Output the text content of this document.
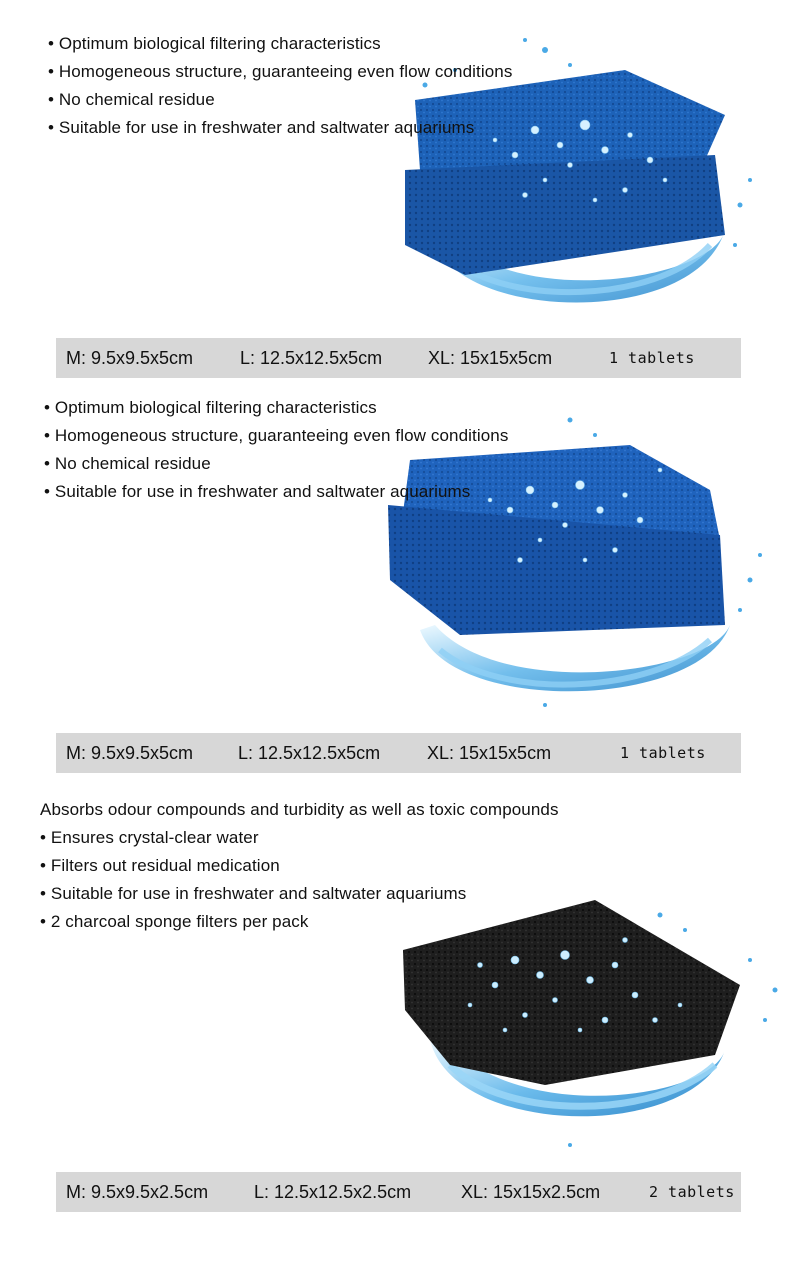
• Optimum biological filtering characteristics
• Homogeneous structure, guaranteeing even flow conditions
• No chemical residue
• Suitable for use in freshwater and saltwater aquariums
M: 9.5x9.5x5cm	L: 12.5x12.5x5cm	XL: 15x15x5cm	1 tablets
• Optimum biological filtering characteristics
• Homogeneous structure, guaranteeing even flow conditions
• No chemical residue
• Suitable for use in freshwater and saltwater aquariums
M: 9.5x9.5x5cm L: 12.5x12.5x5cm	XL: 15x15x5cm	1 tablets
Absorbs odour compounds and turbidity as well as toxic compounds
• Ensures crystal-clear water
• Filters out residual medication
• Suitable for use in freshwater and saltwater aquariums
• 2 charcoal sponge filters per pack
M: 9.5x9.5x2.5cm	L: 12.5x12.5x2.5cm	XL: 15x15x2.5cm	2 tablets
